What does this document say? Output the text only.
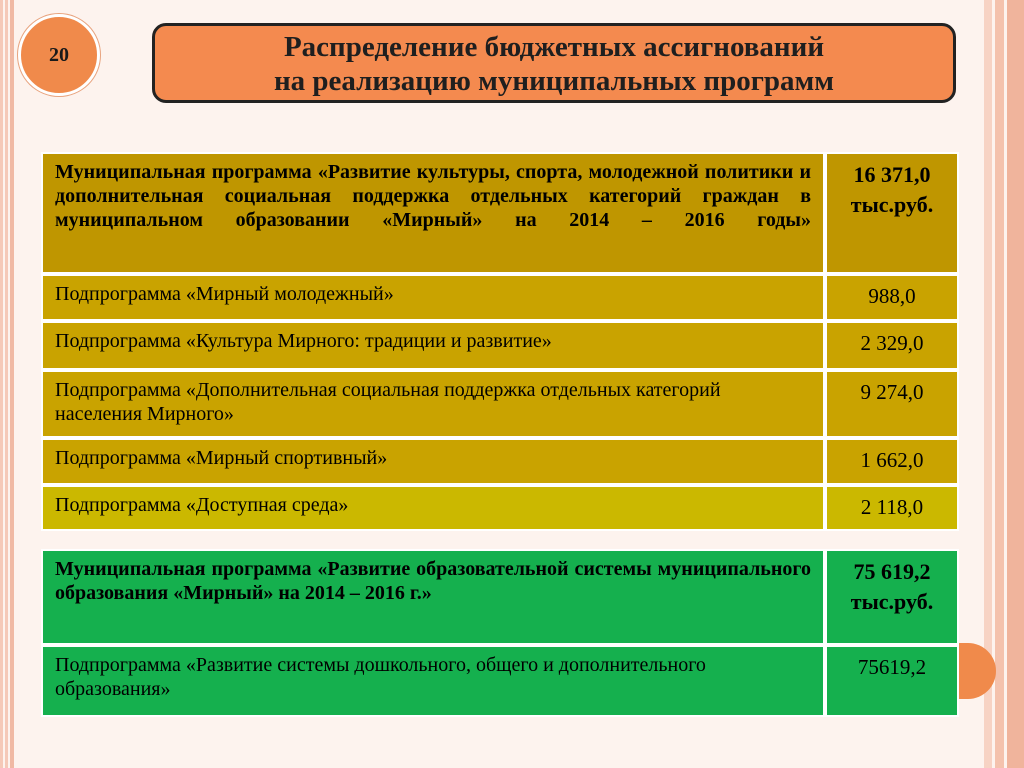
20	Распределение бюджетных ассигнований
на реализацию муниципальных программ
Муниципальная программа «Развитие культуры, спорта, молодежной политики и дополнительная социальная поддержка отдельных категорий граждан в муниципальном образовании «Мирный» на 2014 – 2016 годы»	16 371,0
тыс.руб.

Подпрограмма «Мирный молодежный»	988,0
Подпрограмма «Культура Мирного: традиции и развитие»	2 329,0
Подпрограмма «Дополнительная социальная поддержка отдельных категорий населения Мирного»	9 274,0
Подпрограмма «Мирный спортивный»	1 662,0
Подпрограмма «Доступная среда»	2 118,0
Муниципальная программа «Развитие образовательной системы муниципального образования «Мирный» на 2014 – 2016 г.»	75 619,2
тыс.руб.

Подпрограмма «Развитие системы дошкольного, общего и дополнительного образования»	75619,2
